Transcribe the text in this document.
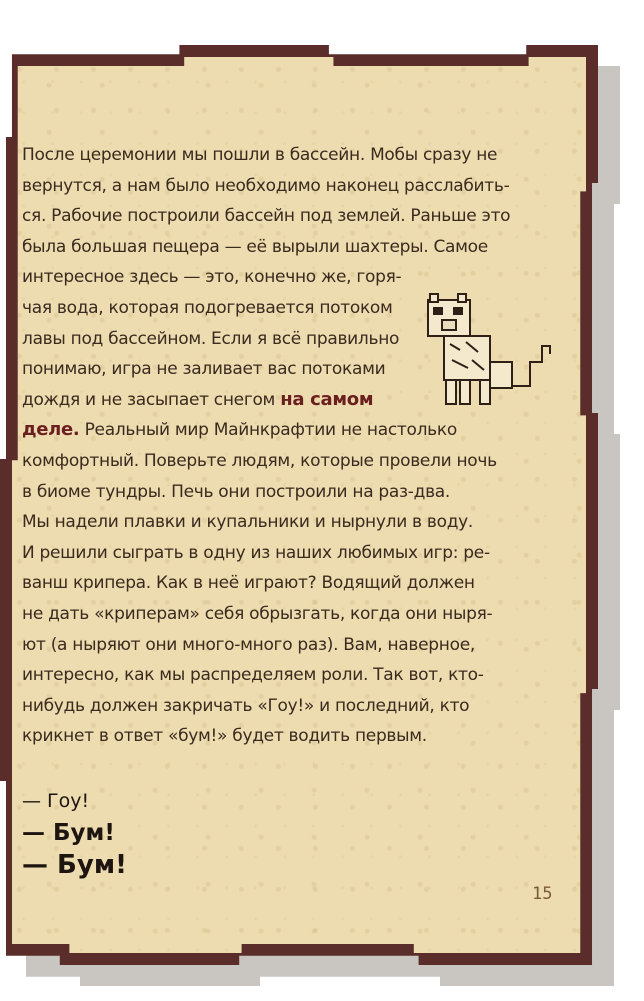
После церемонии мы пошли в бассейн. Мобы сразу не
вернутся, а нам было необходимо наконец расслабить-
ся. Рабочие построили бассейн под землей. Раньше это
была большая пещера — её вырыли шахтеры. Самое
интересное здесь — это, конечно же, горя-
чая вода, которая подогревается потоком
лавы под бассейном. Если я всё правильно
понимаю, игра не заливает вас потоками
дождя и не засыпает снегом на самом
деле. Реальный мир Майнкрафтии не настолько
комфортный. Поверьте людям, которые провели ночь
в биоме тундры. Печь они построили на раз-два.
Мы надели плавки и купальники и нырнули в воду.
И решили сыграть в одну из наших любимых игр: ре-
ванш крипера. Как в неё играют? Водящий должен
не дать «криперам» себя обрызгать, когда они ныря-
ют (а ныряют они много-много раз). Вам, наверное,
интересно, как мы распределяем роли. Так вот, кто-
нибудь должен закричать «Гоу!» и последний, кто
крикнет в ответ «бум!» будет водить первым.
— Гоу!
— Бум!
— Бум!
15
